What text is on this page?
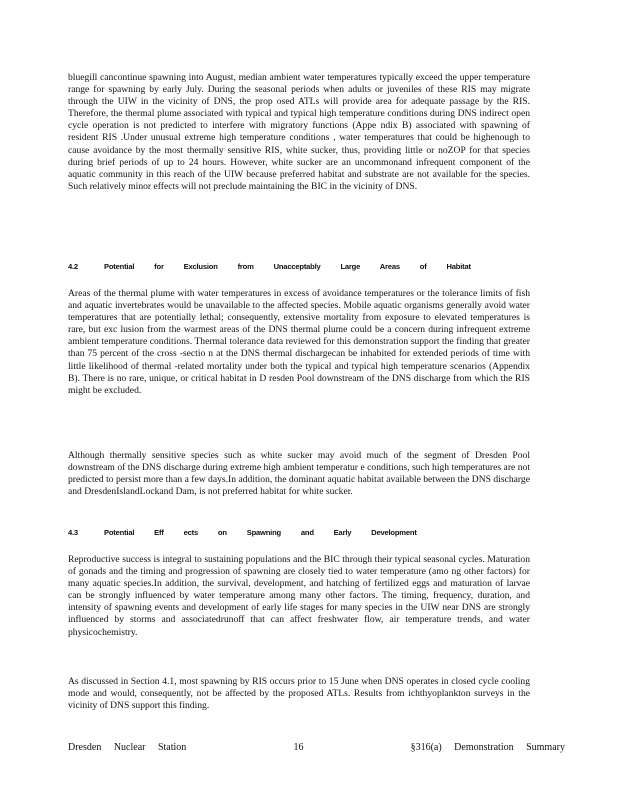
bluegill cancontinue spawning into August, median ambient water temperatures typically exceed the upper temperature range for spawning by early July. During the seasonal periods when adults or juveniles of these RIS may migrate through the UIW in the vicinity of DNS, the prop osed ATLs will provide area for adequate passage by the RIS. Therefore, the thermal plume associated with typical and typical high temperature conditions during DNS indirect open cycle operation is not predicted to interfere with migratory functions (Appe ndix B) associated with spawning of resident RIS .Under unusual extreme high temperature conditions , water temperatures that could be highenough to cause avoidance by the most thermally sensitive RIS, white sucker, thus, providing little or noZOP for that species during brief periods of up to 24 hours. However, white sucker are an uncommonand infrequent component of the aquatic community in this reach of the UIW because preferred habitat and substrate are not available for the species. Such relatively minor effects will not preclude maintaining the BIC in the vicinity of DNS.

4.2	Potential for Exclusion from Unacceptably Large Areas of Habitat

Areas of the thermal plume with water temperatures in excess of avoidance temperatures or the tolerance limits of fish and aquatic invertebrates would be unavailable to the affected species. Mobile aquatic organisms generally avoid water temperatures that are potentially lethal; consequently, extensive mortality from exposure to elevated temperatures is rare, but exc lusion from the warmest areas of the DNS thermal plume could be a concern during infrequent extreme ambient temperature conditions. Thermal tolerance data reviewed for this demonstration support the finding that greater than 75 percent of the cross -sectio n at the DNS thermal dischargecan be inhabited for extended periods of time with little likelihood of thermal -related mortality under both the typical and typical high temperature scenarios (Appendix B). There is no rare, unique, or critical habitat in D resden Pool downstream of the DNS discharge from which the RIS might be excluded.

Although thermally sensitive species such as white sucker may avoid much of the segment of Dresden Pool downstream of the DNS discharge during extreme high ambient temperatur e conditions, such high temperatures are not predicted to persist more than a few days.In addition, the dominant aquatic habitat available between the DNS discharge and DresdenIslandLockand Dam, is not preferred habitat for white sucker.

4.3	Potential Eff ects on Spawning and Early Development

Reproductive success is integral to sustaining populations and the BIC through their typical seasonal cycles. Maturation of gonads and the timing and progression of spawning are closely tied to water temperature (amo ng other factors) for many aquatic species.In addition, the survival, development, and hatching of fertilized eggs and maturation of larvae can be strongly influenced by water temperature among many other factors. The timing, frequency, duration, and intensity of spawning events and development of early life stages for many species in the UIW near DNS are strongly influenced by storms and associatedrunoff that can affect freshwater flow, air temperature trends, and water physicochemistry.

As discussed in Section 4.1, most spawning by RIS occurs prior to 15 June when DNS operates in closed cycle cooling mode and would, consequently, not be affected by the proposed ATLs. Results from ichthyoplankton surveys in the vicinity of DNS support this finding.

Dresden Nuclear Station	16	§316(a) Demonstration Summary
